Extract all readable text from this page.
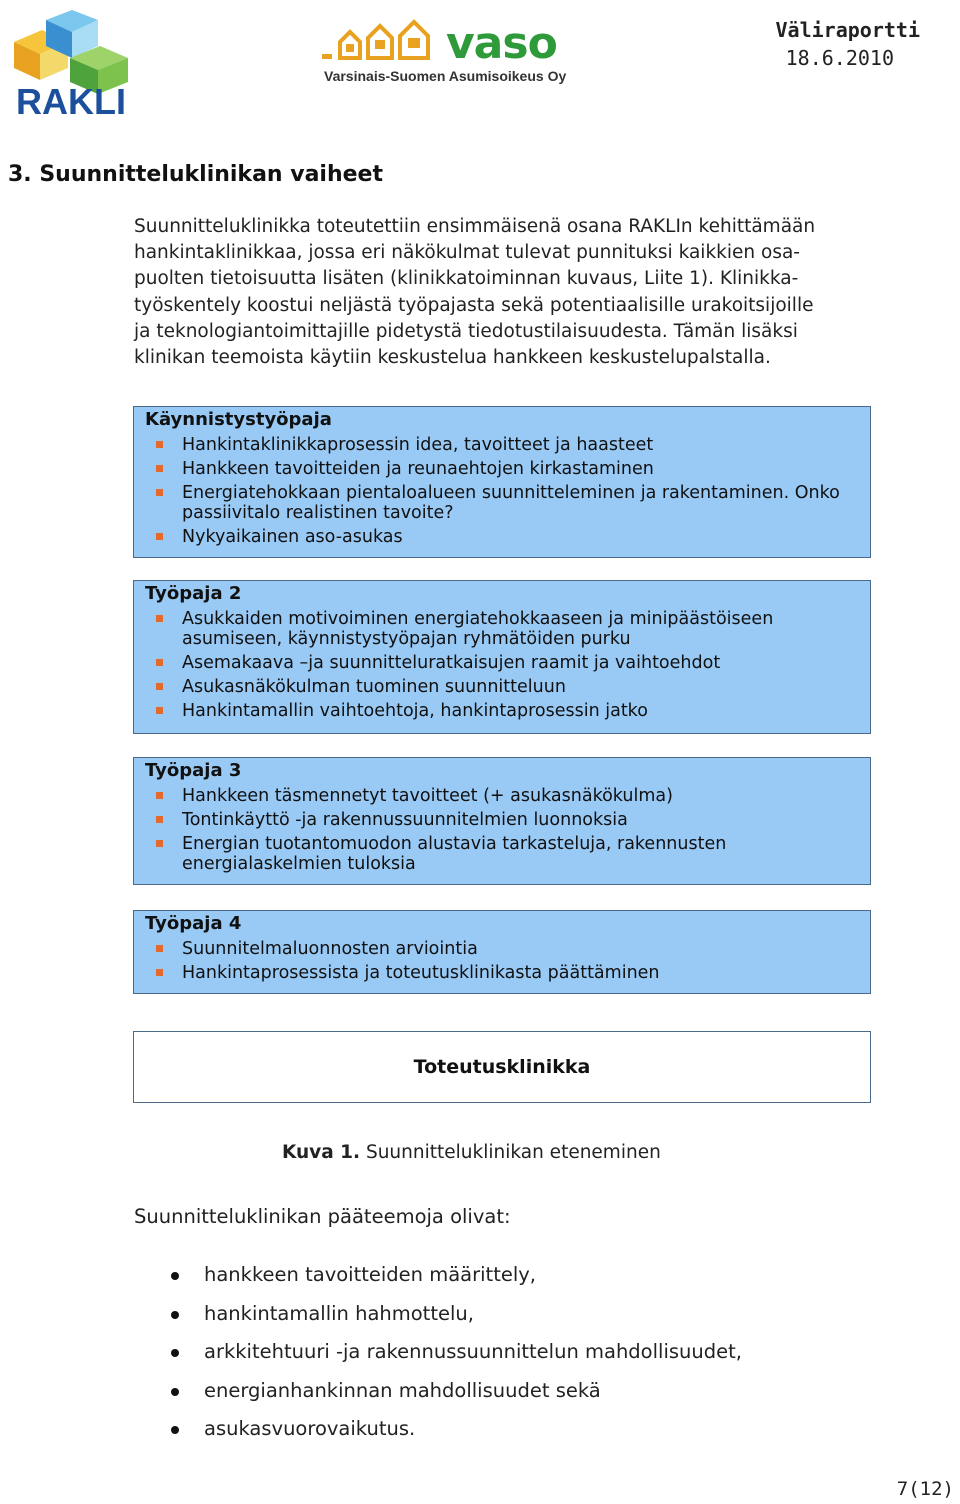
RAKLI
vaso
Varsinais-Suomen Asumisoikeus Oy
Väliraportti
18.6.2010
3. Suunnitteluklinikan vaiheet
Suunnitteluklinikka toteutettiin ensimmäisenä osana RAKLIn kehittämään
hankintaklinikkaa, jossa eri näkökulmat tulevat punnituksi kaikkien osa-
puolten tietoisuutta lisäten (klinikkatoiminnan kuvaus, Liite 1). Klinikka-
työskentely koostui neljästä työpajasta sekä potentiaalisille urakoitsijoille
ja teknologiantoimittajille pidetystä tiedotustilaisuudesta. Tämän lisäksi
klinikan teemoista käytiin keskustelua hankkeen keskustelupalstalla.
Käynnistystyöpaja
Hankintaklinikkaprosessin idea, tavoitteet ja haasteet
Hankkeen tavoitteiden ja reunaehtojen kirkastaminen
Energiatehokkaan pientaloalueen suunnitteleminen ja rakentaminen. Onko passiivitalo realistinen tavoite?
Nykyaikainen aso-asukas
Työpaja 2
Asukkaiden motivoiminen energiatehokkaaseen ja minipäästöiseen asumiseen, käynnistystyöpajan ryhmätöiden purku
Asemakaava –ja suunnitteluratkaisujen raamit ja vaihtoehdot
Asukasnäkökulman tuominen suunnitteluun
Hankintamallin vaihtoehtoja, hankintaprosessin jatko
Työpaja 3
Hankkeen täsmennetyt tavoitteet (+ asukasnäkökulma)
Tontinkäyttö -ja rakennussuunnitelmien luonnoksia
Energian tuotantomuodon alustavia tarkasteluja, rakennusten energialaskelmien tuloksia
Työpaja 4
Suunnitelmaluonnosten arviointia
Hankintaprosessista ja toteutusklinikasta päättäminen
Toteutusklinikka
Kuva 1. Suunnitteluklinikan eteneminen
Suunnitteluklinikan pääteemoja olivat:
hankkeen tavoitteiden määrittely,
hankintamallin hahmottelu,
arkkitehtuuri -ja rakennussuunnittelun mahdollisuudet,
energianhankinnan mahdollisuudet sekä
asukasvuorovaikutus.
7(12)
